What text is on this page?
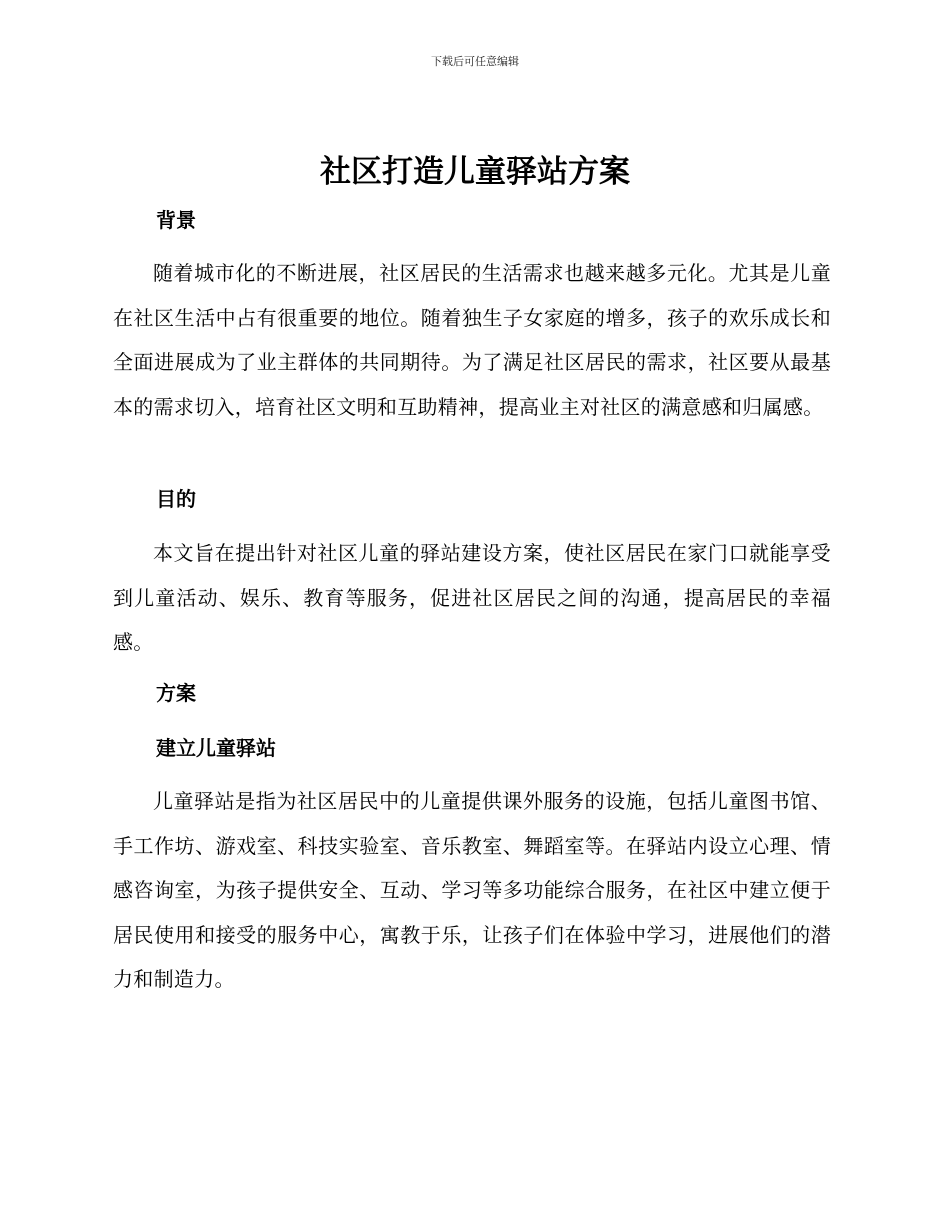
下载后可任意编辑
社区打造儿童驿站方案
背景

随着城市化的不断进展，社区居民的生活需求也越来越多元化。尤其是儿童在社区生活中占有很重要的地位。随着独生子女家庭的增多，孩子的欢乐成长和全面进展成为了业主群体的共同期待。为了满足社区居民的需求，社区要从最基本的需求切入，培育社区文明和互助精神，提高业主对社区的满意感和归属感。

目的

本文旨在提出针对社区儿童的驿站建设方案，使社区居民在家门口就能享受到儿童活动、娱乐、教育等服务，促进社区居民之间的沟通，提高居民的幸福感。

方案
建立儿童驿站

儿童驿站是指为社区居民中的儿童提供课外服务的设施，包括儿童图书馆、手工作坊、游戏室、科技实验室、音乐教室、舞蹈室等。在驿站内设立心理、情感咨询室，为孩子提供安全、互动、学习等多功能综合服务，在社区中建立便于居民使用和接受的服务中心，寓教于乐，让孩子们在体验中学习，进展他们的潜力和制造力。
